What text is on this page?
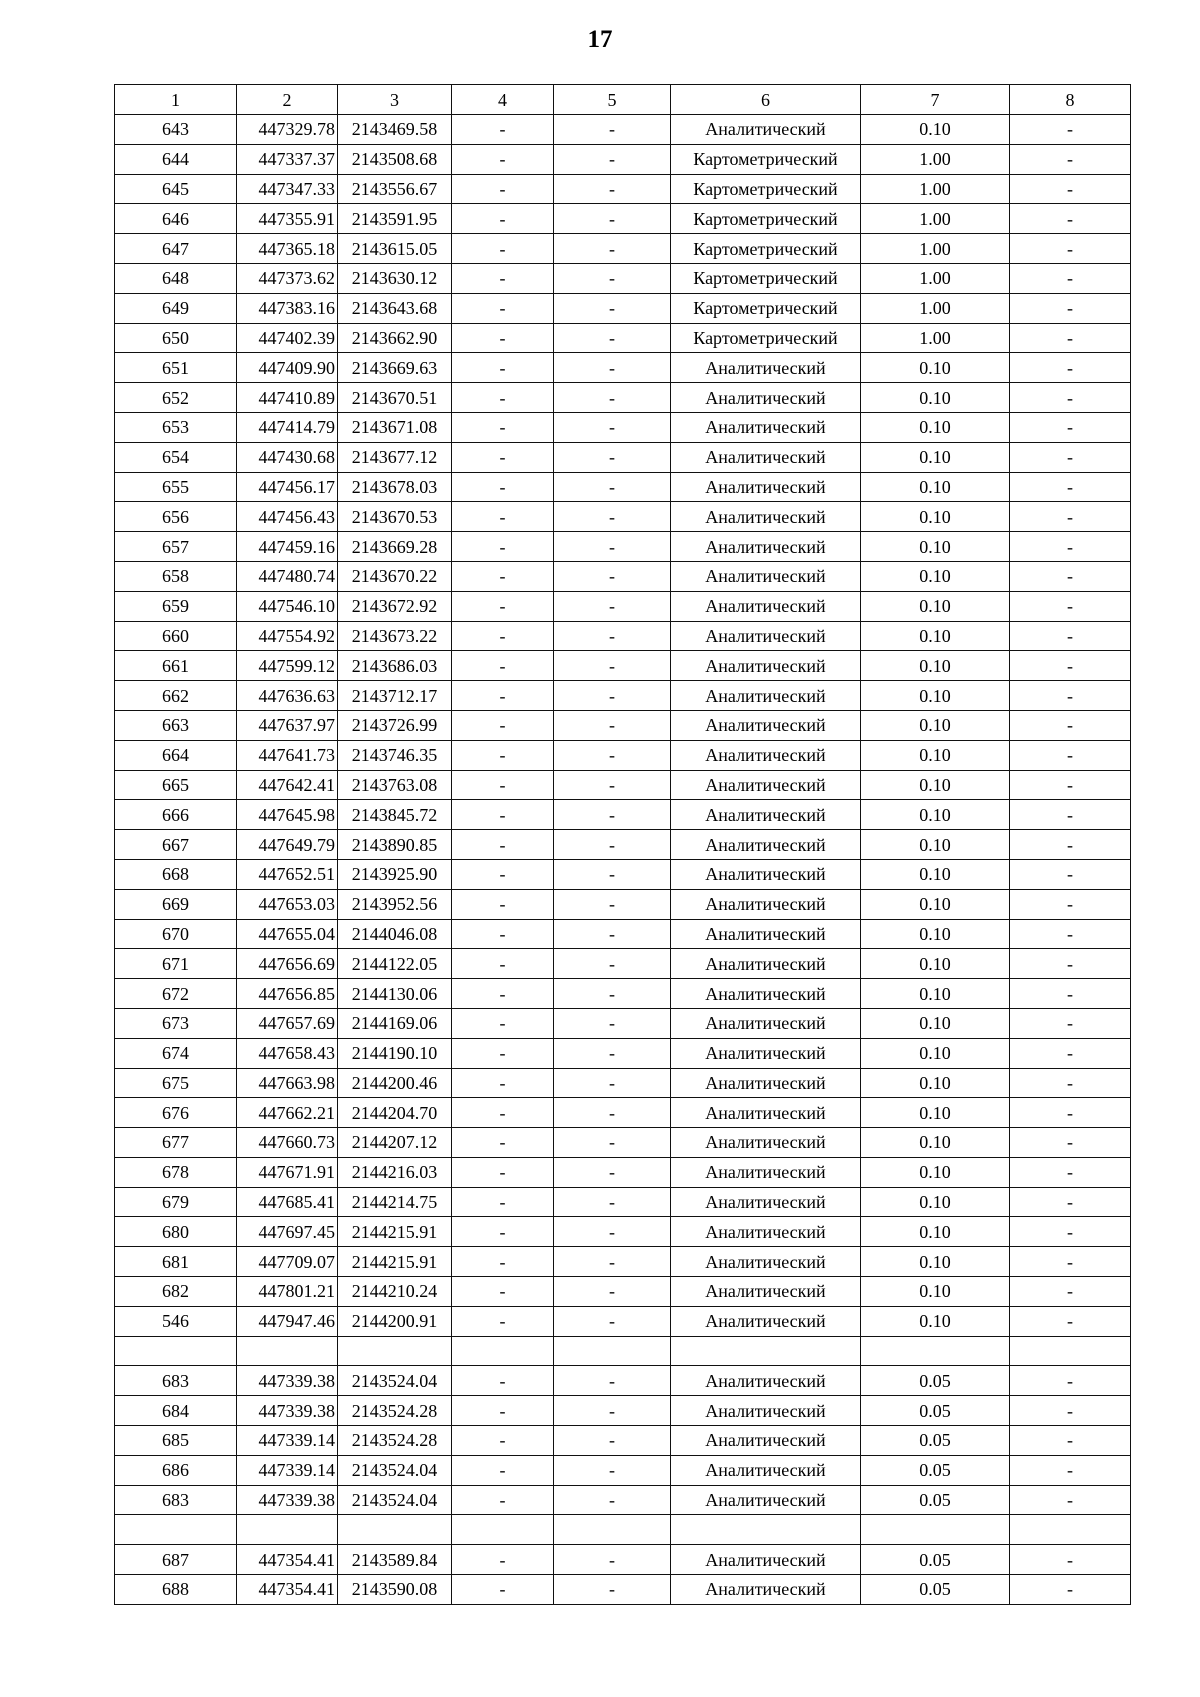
17
1	2	3	4	5	6	7	8
643	447329.78	2143469.58	-	-	Аналитический	0.10	-
644	447337.37	2143508.68	-	-	Картометрический	1.00	-
645	447347.33	2143556.67	-	-	Картометрический	1.00	-
646	447355.91	2143591.95	-	-	Картометрический	1.00	-
647	447365.18	2143615.05	-	-	Картометрический	1.00	-
648	447373.62	2143630.12	-	-	Картометрический	1.00	-
649	447383.16	2143643.68	-	-	Картометрический	1.00	-
650	447402.39	2143662.90	-	-	Картометрический	1.00	-
651	447409.90	2143669.63	-	-	Аналитический	0.10	-
652	447410.89	2143670.51	-	-	Аналитический	0.10	-
653	447414.79	2143671.08	-	-	Аналитический	0.10	-
654	447430.68	2143677.12	-	-	Аналитический	0.10	-
655	447456.17	2143678.03	-	-	Аналитический	0.10	-
656	447456.43	2143670.53	-	-	Аналитический	0.10	-
657	447459.16	2143669.28	-	-	Аналитический	0.10	-
658	447480.74	2143670.22	-	-	Аналитический	0.10	-
659	447546.10	2143672.92	-	-	Аналитический	0.10	-
660	447554.92	2143673.22	-	-	Аналитический	0.10	-
661	447599.12	2143686.03	-	-	Аналитический	0.10	-
662	447636.63	2143712.17	-	-	Аналитический	0.10	-
663	447637.97	2143726.99	-	-	Аналитический	0.10	-
664	447641.73	2143746.35	-	-	Аналитический	0.10	-
665	447642.41	2143763.08	-	-	Аналитический	0.10	-
666	447645.98	2143845.72	-	-	Аналитический	0.10	-
667	447649.79	2143890.85	-	-	Аналитический	0.10	-
668	447652.51	2143925.90	-	-	Аналитический	0.10	-
669	447653.03	2143952.56	-	-	Аналитический	0.10	-
670	447655.04	2144046.08	-	-	Аналитический	0.10	-
671	447656.69	2144122.05	-	-	Аналитический	0.10	-
672	447656.85	2144130.06	-	-	Аналитический	0.10	-
673	447657.69	2144169.06	-	-	Аналитический	0.10	-
674	447658.43	2144190.10	-	-	Аналитический	0.10	-
675	447663.98	2144200.46	-	-	Аналитический	0.10	-
676	447662.21	2144204.70	-	-	Аналитический	0.10	-
677	447660.73	2144207.12	-	-	Аналитический	0.10	-
678	447671.91	2144216.03	-	-	Аналитический	0.10	-
679	447685.41	2144214.75	-	-	Аналитический	0.10	-
680	447697.45	2144215.91	-	-	Аналитический	0.10	-
681	447709.07	2144215.91	-	-	Аналитический	0.10	-
682	447801.21	2144210.24	-	-	Аналитический	0.10	-
546	447947.46	2144200.91	-	-	Аналитический	0.10	-

683	447339.38	2143524.04	-	-	Аналитический	0.05	-
684	447339.38	2143524.28	-	-	Аналитический	0.05	-
685	447339.14	2143524.28	-	-	Аналитический	0.05	-
686	447339.14	2143524.04	-	-	Аналитический	0.05	-
683	447339.38	2143524.04	-	-	Аналитический	0.05	-

687	447354.41	2143589.84	-	-	Аналитический	0.05	-
688	447354.41	2143590.08	-	-	Аналитический	0.05	-
